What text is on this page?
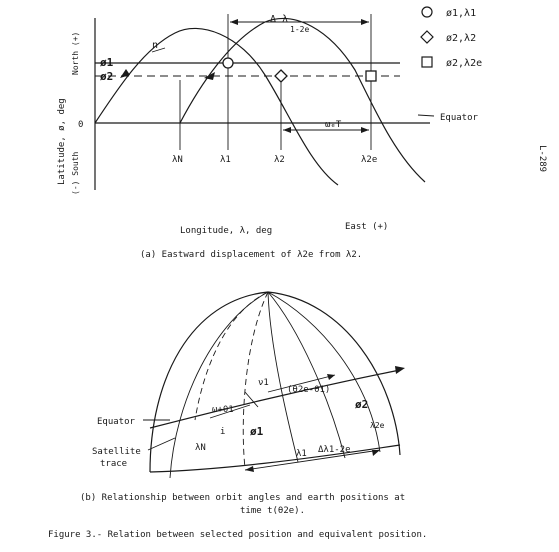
Latitude, ø, deg
North (+)
(-) South
0
ø1
ø2
n
Δ λ
1-2e
Equator
ωₑT
λN	λ1	λ2	λ2e
Longitude, λ, deg	East (+)
(a) Eastward displacement of λ2e from λ2.
ø1,λ1
ø2,λ2
ø2,λ2e
L-289
Equator
Satellite
trace
λN
i
ω+θ1
ν1
(θ2e-θ1)
ø1
ø2
λ1 Δλ1-2e
λ2e
(b) Relationship between orbit angles and earth positions at
time t(θ2e).
Figure 3.- Relation between selected position and equivalent position.
